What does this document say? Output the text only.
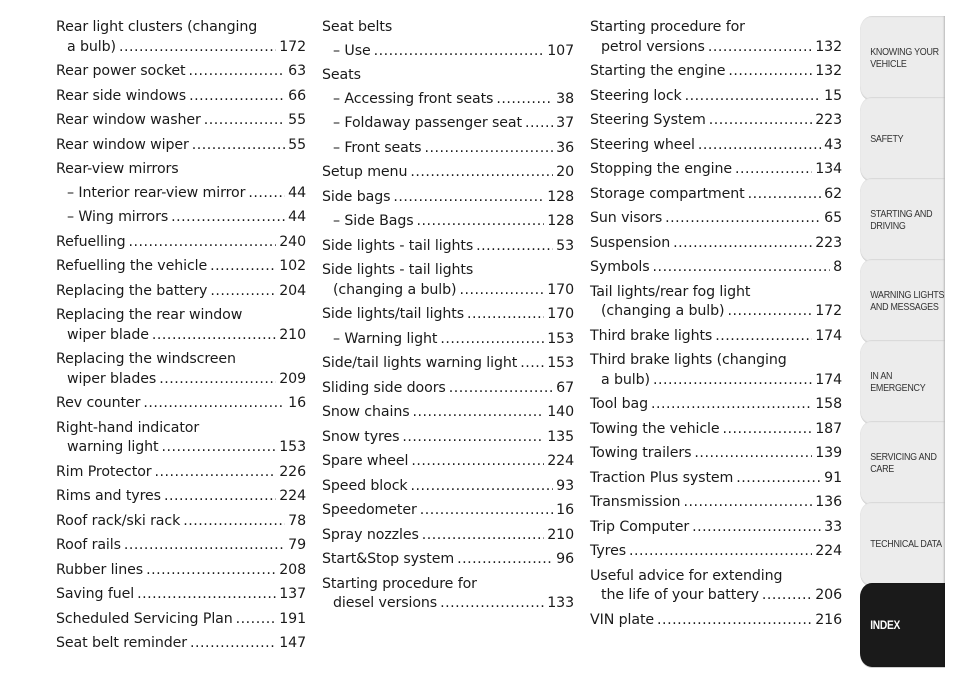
Rear light clusters (changing
a bulb) .....	172
Rear power socket .....	63
Rear side windows .....	66
Rear window washer .....	55
Rear window wiper .....	55
Rear-view mirrors
– Interior rear-view mirror .....	44
– Wing mirrors .....	44
Refuelling .....	240
Refuelling the vehicle .....	102
Replacing the battery .....	204
Replacing the rear window
wiper blade .....	210
Replacing the windscreen
wiper blades .....	209
Rev counter .....	16
Right-hand indicator
warning light .....	153
Rim Protector .....	226
Rims and tyres .....	224
Roof rack/ski rack .....	78
Roof rails .....	79
Rubber lines .....	208
Saving fuel .....	137
Scheduled Servicing Plan .....	191
Seat belt reminder .....	147
Seat belts
– Use .....	107
Seats
– Accessing front seats .....	38
– Foldaway passenger seat ..... 37
– Front seats .....	36
Setup menu .....	20
Side bags .....	128
– Side Bags .....	128
Side lights - tail lights .....	53
Side lights - tail lights
(changing a bulb) .....	170
Side lights/tail lights .....	170
– Warning light .....	153
Side/tail lights warning light ..... 153
Sliding side doors .....	67
Snow chains .....	140
Snow tyres .....	135
Spare wheel .....	224
Speed block .....	93
Speedometer .....	16
Spray nozzles .....	210
Start&Stop system .....	96
Starting procedure for
diesel versions .....	133
Starting procedure for
petrol versions .....	132
Starting the engine .....	132
Steering lock .....	15
Steering System .....	223
Steering wheel .....	43
Stopping the engine .....	134
Storage compartment .....	62
Sun visors .....	65
Suspension .....	223
Symbols .....	8
Tail lights/rear fog light
(changing a bulb) .....	172
Third brake lights .....	174
Third brake lights (changing
a bulb) .....	174
Tool bag .....	158
Towing the vehicle .....	187
Towing trailers .....	139
Traction Plus system .....	91
Transmission .....	136
Trip Computer .....	33
Tyres .....	224
Useful advice for extending
the life of your battery .....	206
VIN plate .....	216
KNOWING YOUR
VEHICLE
SAFETY
STARTING AND
DRIVING
WARNING LIGHTS
AND MESSAGES
IN AN EMERGENCY
SERVICING AND
CARE
TECHNICAL DATA
INDEX
